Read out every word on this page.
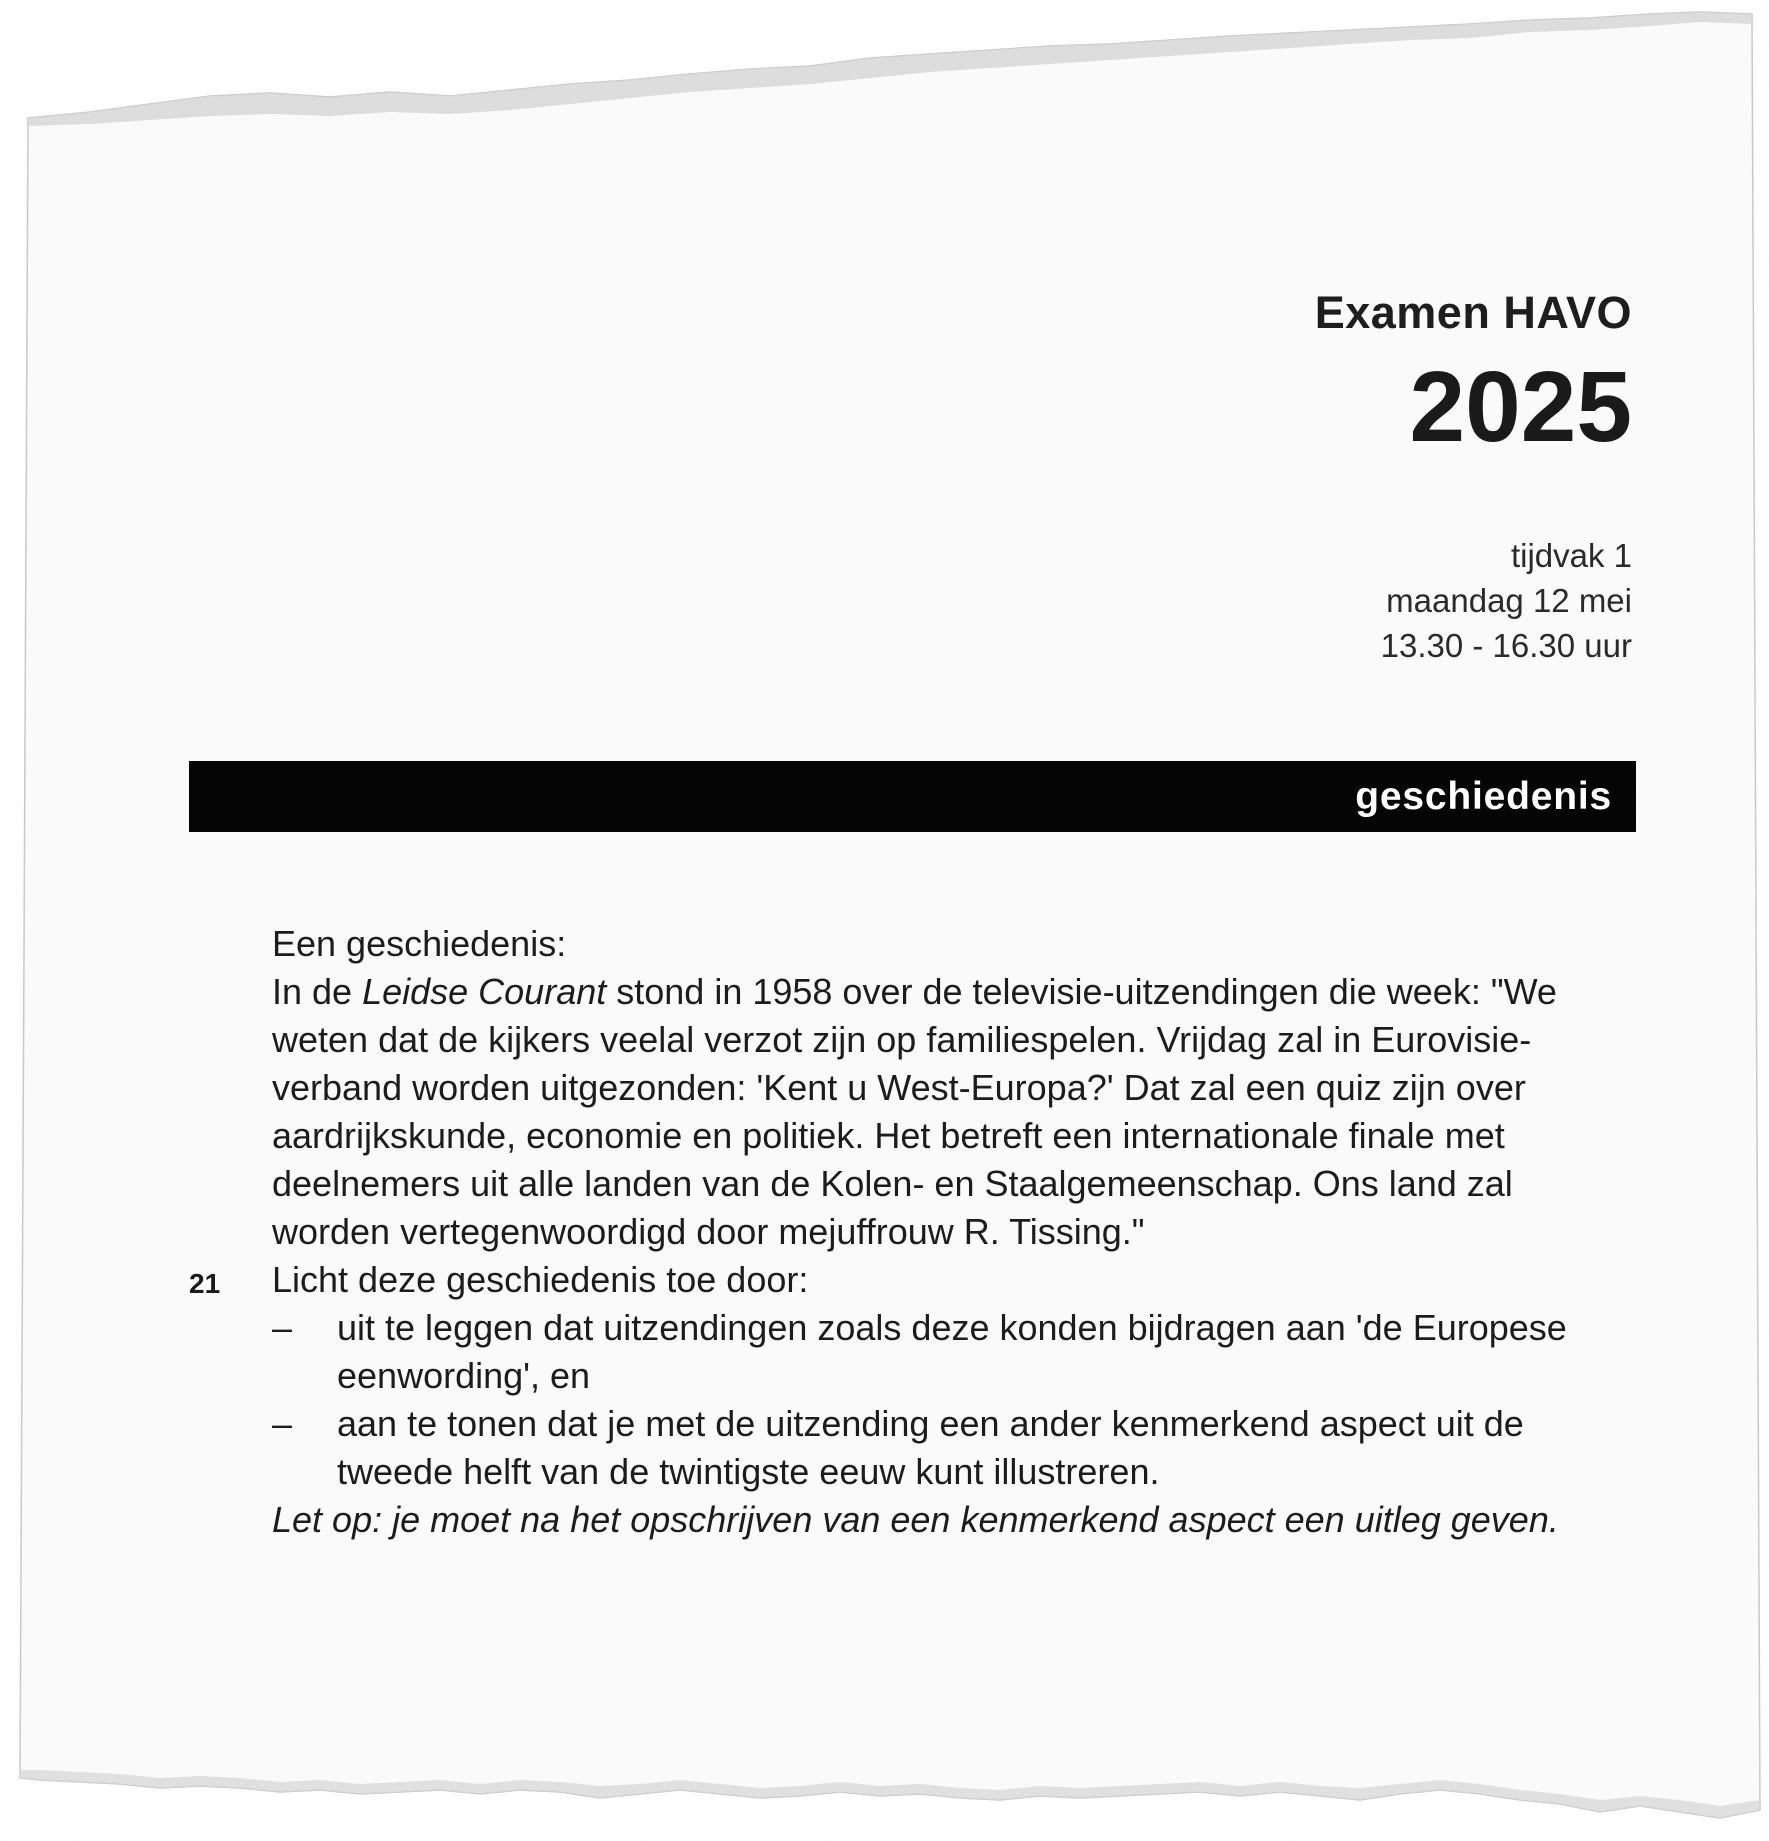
Examen HAVO
2025
tijdvak 1
maandag 12 mei
13.30 - 16.30 uur
geschiedenis

Een geschiedenis:

In de Leidse Courant stond in 1958 over de televisie-uitzendingen die week: "We weten dat de kijkers veelal verzot zijn op familiespelen. Vrijdag zal in Eurovisie-verband worden uitgezonden: 'Kent u West-Europa?' Dat zal een quiz zijn over aardrijkskunde, economie en politiek. Het betreft een internationale finale met deelnemers uit alle landen van de Kolen- en Staalgemeenschap. Ons land zal worden vertegenwoordigd door mejuffrouw R. Tissing."

21 Licht deze geschiedenis toe door:

– uit te leggen dat uitzendingen zoals deze konden bijdragen aan 'de Europese eenwording', en
– aan te tonen dat je met de uitzending een ander kenmerkend aspect uit de tweede helft van de twintigste eeuw kunt illustreren.

Let op: je moet na het opschrijven van een kenmerkend aspect een uitleg geven.
